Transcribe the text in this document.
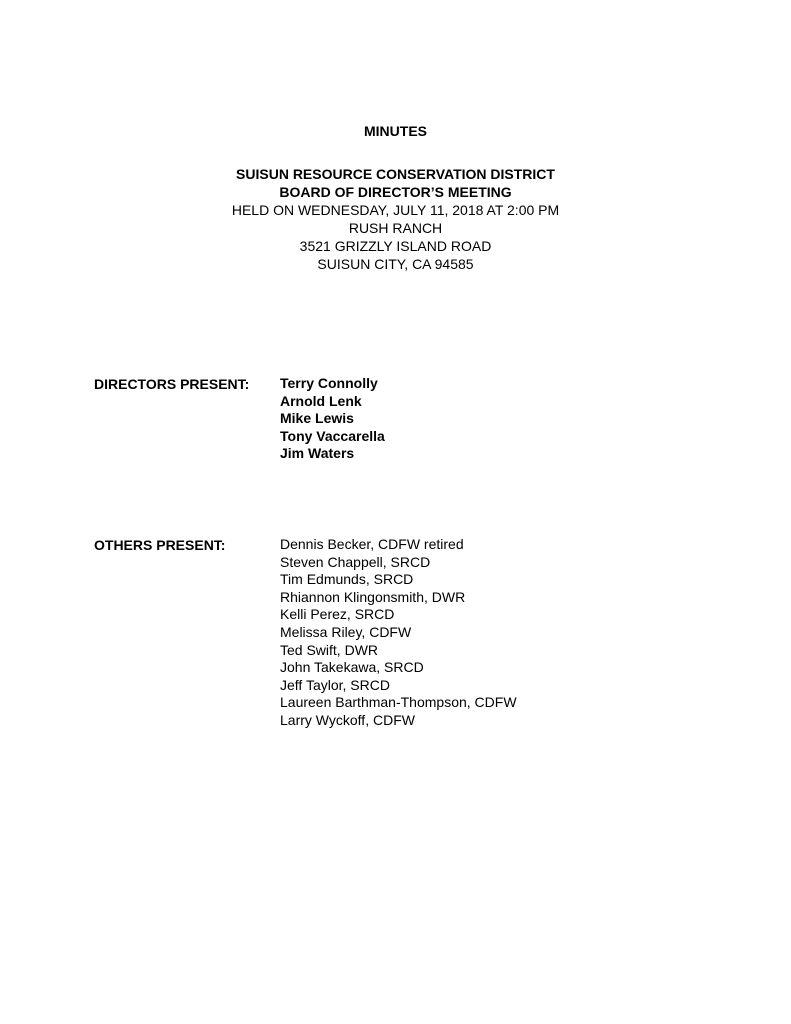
MINUTES
SUISUN RESOURCE CONSERVATION DISTRICT
BOARD OF DIRECTOR’S MEETING
HELD ON WEDNESDAY, JULY 11, 2018 AT 2:00 PM
RUSH RANCH
3521 GRIZZLY ISLAND ROAD
SUISUN CITY, CA 94585
DIRECTORS PRESENT: Terry Connolly
Arnold Lenk
Mike Lewis
Tony Vaccarella
Jim Waters
OTHERS PRESENT:	Dennis Becker, CDFW retired
Steven Chappell, SRCD
Tim Edmunds, SRCD
Rhiannon Klingonsmith, DWR
Kelli Perez, SRCD
Melissa Riley, CDFW
Ted Swift, DWR
John Takekawa, SRCD
Jeff Taylor, SRCD
Laureen Barthman-Thompson, CDFW
Larry Wyckoff, CDFW
